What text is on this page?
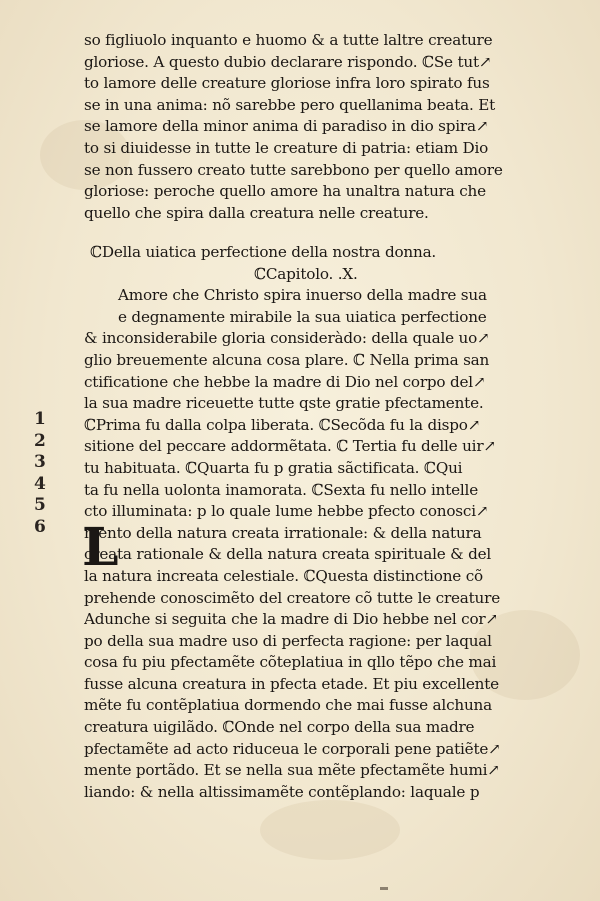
so figliuolo inquanto e huomo & a tutte laltre creature
gloriose. A questo dubio declarare rispondo. ℂSe tut↗
to lamore delle creature gloriose infra loro spirato fus
se in una anima: nõ sarebbe pero quellanima beata. Et
se lamore della minor anima di paradiso in dio spira↗
to si diuidesse in tutte le creature di patria: etiam Dio
se non fussero creato tutte sarebbono per quello amore
gloriose: peroche quello amore ha unaltra natura che
quello che spira dalla creatura nelle creature.
ℂDella uiatica perfectione della nostra donna.
ℂCapitolo. .X.
L
Amore che Christo spira inuerso della madre sua
e degnamente mirabile la sua uiatica perfectione
& inconsiderabile gloria consideràdo: della quale uo↗
glio breuemente alcuna cosa plare. ℂ Nella prima san
ctificatione che hebbe la madre di Dio nel corpo del↗
la sua madre riceuette tutte qste gratie pfectamente.
ℂPrima fu dalla colpa liberata. ℂSecõda fu la dispo↗
sitione del peccare addormẽtata. ℂ Tertia fu delle uir↗
tu habituata. ℂQuarta fu p gratia sãctificata. ℂQui
ta fu nella uolonta inamorata. ℂSexta fu nello intelle
cto illuminata: p lo quale lume hebbe pfecto conosci↗
mento della natura creata irrationale: & della natura
creata rationale & della natura creata spirituale & del
la natura increata celestiale. ℂQuesta distinctione cõ
prehende conoscimẽto del creatore cõ tutte le creature
Adunche si seguita che la madre di Dio hebbe nel cor↗
po della sua madre uso di perfecta ragione: per laqual
cosa fu piu pfectamẽte cõteplatiua in qllo tẽpo che mai
fusse alcuna creatura in pfecta etade. Et piu excellente
mẽte fu contẽplatiua dormendo che mai fusse alchuna
creatura uigilãdo. ℂOnde nel corpo della sua madre
pfectamẽte ad acto riduceua le corporali pene patiẽte↗
mente portãdo. Et se nella sua mẽte pfectamẽte humi↗
liando: & nella altissimamẽte contẽplando: laquale p
1
2
3
4
5
6
